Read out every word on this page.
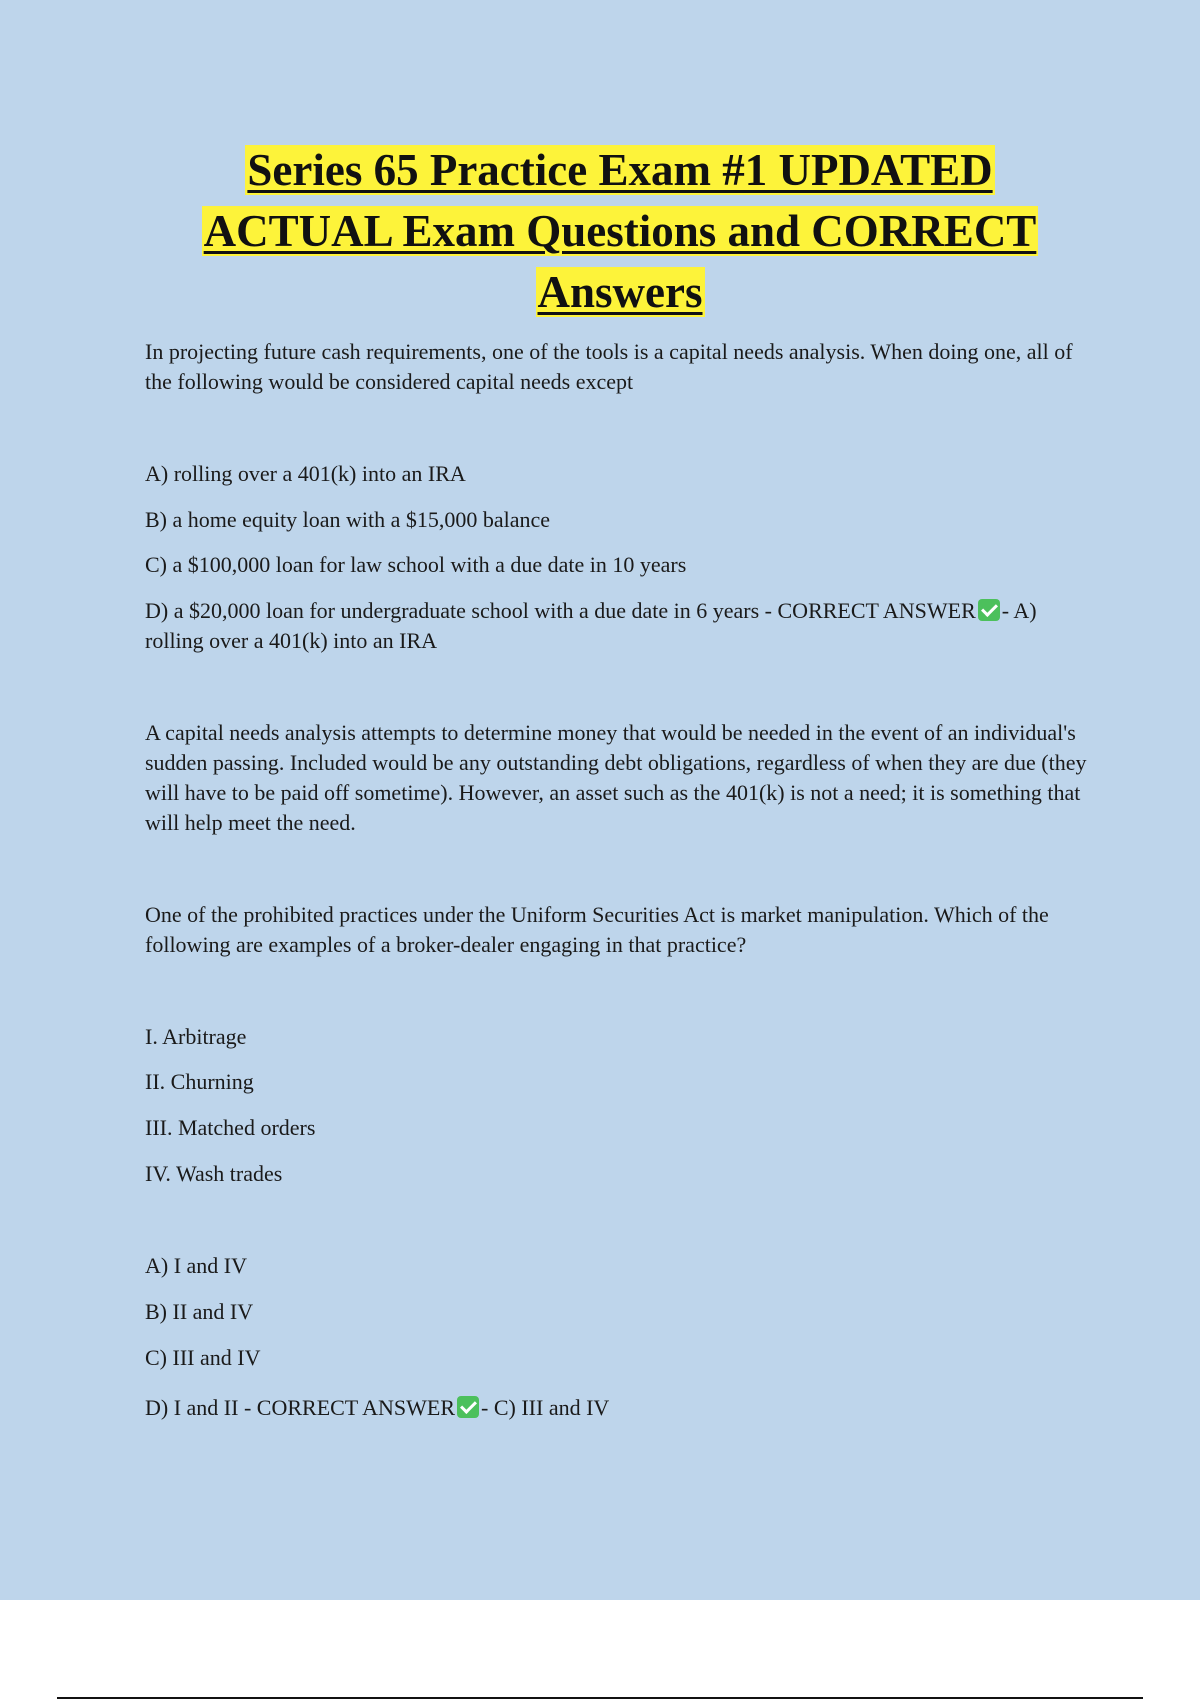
Series 65 Practice Exam #1 UPDATED
ACTUAL Exam Questions and CORRECT
Answers

In projecting future cash requirements, one of the tools is a capital needs analysis. When doing one, all of the following would be considered capital needs except

A) rolling over a 401(k) into an IRA

B) a home equity loan with a $15,000 balance

C) a $100,000 loan for law school with a due date in 10 years

D) a $20,000 loan for undergraduate school with a due date in 6 years - CORRECT ANSWER - A) rolling over a 401(k) into an IRA

A capital needs analysis attempts to determine money that would be needed in the event of an individual's sudden passing. Included would be any outstanding debt obligations, regardless of when they are due (they will have to be paid off sometime). However, an asset such as the 401(k) is not a need; it is something that will help meet the need.

One of the prohibited practices under the Uniform Securities Act is market manipulation. Which of the following are examples of a broker-dealer engaging in that practice?

I. Arbitrage

II. Churning

III. Matched orders

IV. Wash trades

A) I and IV

B) II and IV

C) III and IV

D) I and II - CORRECT ANSWER - C) III and IV
